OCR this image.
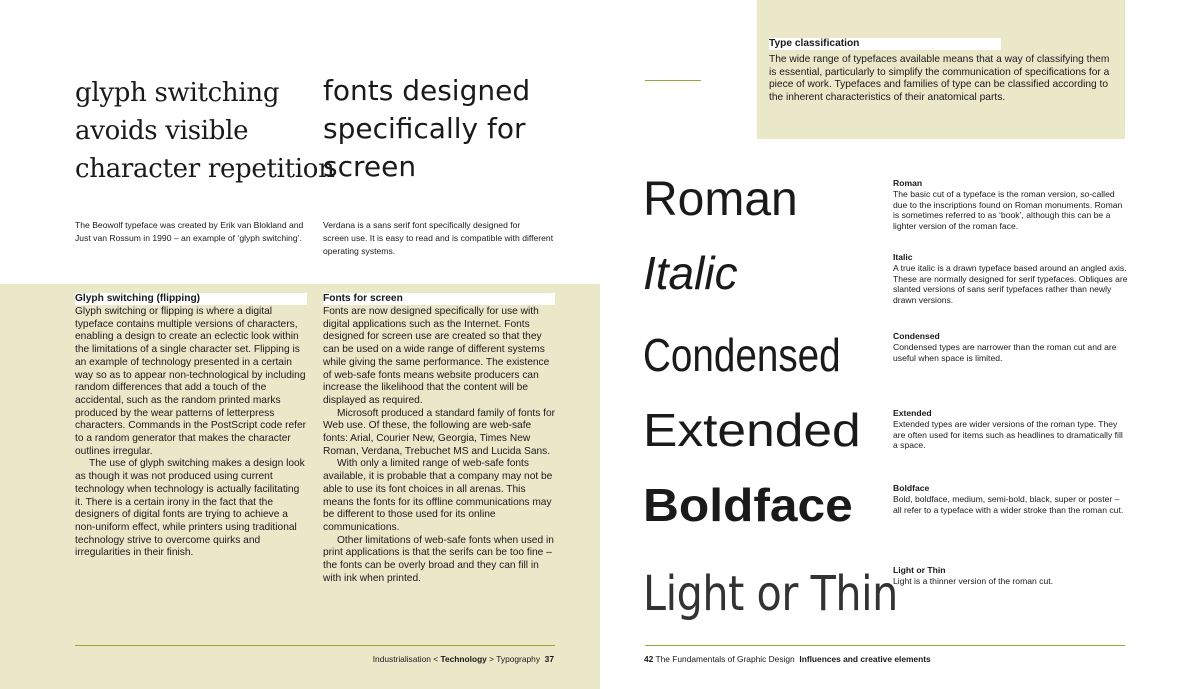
glyph switching
avoids visible
character repetition
fonts designed
specifically for
screen
The Beowolf typeface was created by Erik van Blokland and
Just van Rossum in 1990 – an example of ‘glyph switching’.
Verdana is a sans serif font specifically designed for
screen use. It is easy to read and is compatible with different
operating systems.
Glyph switching (flipping)

Glyph switching or flipping is where a digital typeface contains multiple versions of characters, enabling a design to create an eclectic look within the limitations of a single character set. Flipping is an example of technology presented in a certain way so as to appear non-technological by including random differences that add a touch of the accidental, such as the random printed marks produced by the wear patterns of letterpress characters. Commands in the PostScript code refer to a random generator that makes the character outlines irregular.

The use of glyph switching makes a design look as though it was not produced using current technology when technology is actually facilitating it. There is a certain irony in the fact that the designers of digital fonts are trying to achieve a non-uniform effect, while printers using traditional technology strive to overcome quirks and irregularities in their finish.

Fonts for screen

Fonts are now designed specifically for use with digital applications such as the Internet. Fonts designed for screen use are created so that they can be used on a wide range of different systems while giving the same performance. The existence of web-safe fonts means website producers can increase the likelihood that the content will be displayed as required.

Microsoft produced a standard family of fonts for Web use. Of these, the following are web-safe fonts: Arial, Courier New, Georgia, Times New Roman, Verdana, Trebuchet MS and Lucida Sans.

With only a limited range of web-safe fonts available, it is probable that a company may not be able to use its font choices in all arenas. This means the fonts for its offline communications may be different to those used for its online communications.

Other limitations of web-safe fonts when used in print applications is that the serifs can be too fine – the fonts can be overly broad and they can fill in with ink when printed.

Industrialisation < Technology > Typography 37
Type classification

The wide range of typefaces available means that a way of classifying them is essential, particularly to simplify the communication of specifications for a piece of work. Typefaces and families of type can be classified according to the inherent characteristics of their anatomical parts.

Roman
Italic
Condensed
Extended
Boldface
Light or Thin
Roman

The basic cut of a typeface is the roman version, so-called due to the inscriptions found on Roman monuments. Roman is sometimes referred to as ‘book’, although this can be a lighter version of the roman face.

Italic

A true italic is a drawn typeface based around an angled axis. These are normally designed for serif typefaces. Obliques are slanted versions of sans serif typefaces rather than newly drawn versions.

Condensed

Condensed types are narrower than the roman cut and are useful when space is limited.

Extended

Extended types are wider versions of the roman type. They are often used for items such as headlines to dramatically fill a space.

Boldface

Bold, boldface, medium, semi-bold, black, super or poster – all refer to a typeface with a wider stroke than the roman cut.

Light or Thin

Light is a thinner version of the roman cut.

42 The Fundamentals of Graphic Design Influences and creative elements
